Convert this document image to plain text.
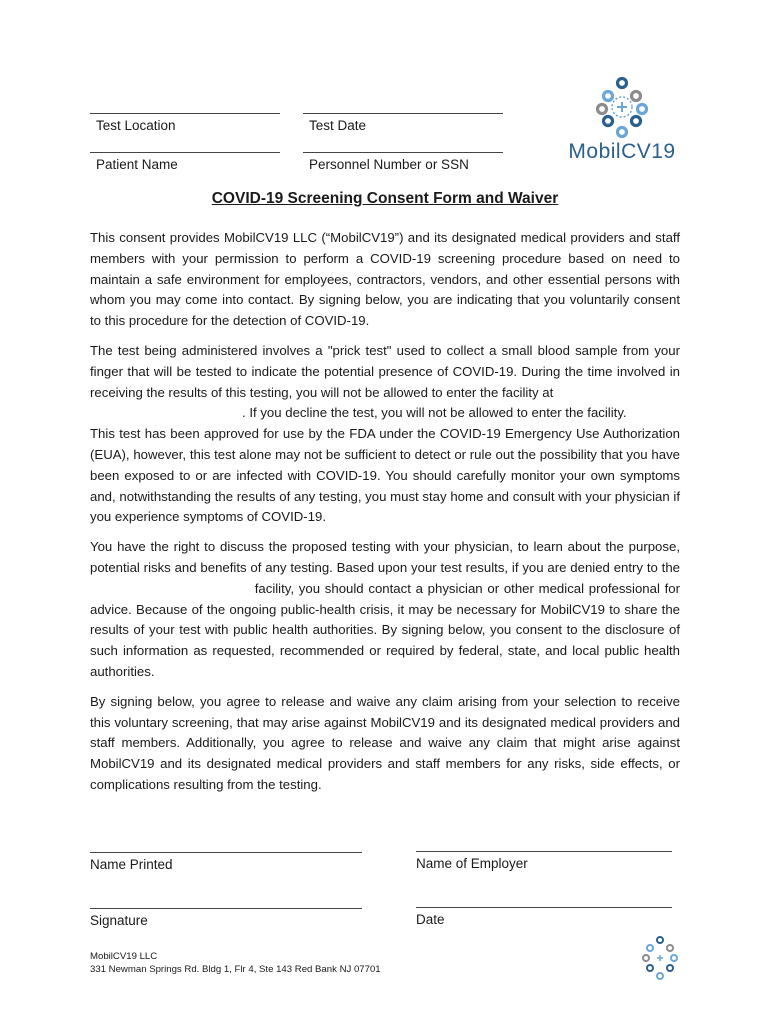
Test Location	Test Date
Patient Name	Personnel Number or SSN
MobilCV19
COVID-19 Screening Consent Form and Waiver

This consent provides MobilCV19 LLC (“MobilCV19”) and its designated medical providers and staff members with your permission to perform a COVID-19 screening procedure based on need to maintain a safe environment for employees, contractors, vendors, and other essential persons with whom you may come into contact. By signing below, you are indicating that you voluntarily consent to this procedure for the detection of COVID-19.

The test being administered involves a "prick test" used to collect a small blood sample from your finger that will be tested to indicate the potential presence of COVID-19. During the time involved in receiving the results of this testing, you will not be allowed to enter the facility at
. If you decline the test, you will not be allowed to enter the facility.

This test has been approved for use by the FDA under the COVID-19 Emergency Use Authorization (EUA), however, this test alone may not be sufficient to detect or rule out the possibility that you have been exposed to or are infected with COVID-19. You should carefully monitor your own symptoms and, notwithstanding the results of any testing, you must stay home and consult with your physician if you experience symptoms of COVID-19.

You have the right to discuss the proposed testing with your physician, to learn about the purpose, potential risks and benefits of any testing. Based upon your test results, if you are denied entry to the  facility, you should contact a physician or other medical professional for advice. Because of the ongoing public-health crisis, it may be necessary for MobilCV19 to share the results of your test with public health authorities. By signing below, you consent to the disclosure of such information as requested, recommended or required by federal, state, and local public health authorities.

By signing below, you agree to release and waive any claim arising from your selection to receive this voluntary screening, that may arise against MobilCV19 and its designated medical providers and staff members. Additionally, you agree to release and waive any claim that might arise against MobilCV19 and its designated medical providers and staff members for any risks, side effects, or complications resulting from the testing.

Name Printed	Name of Employer
Signature	Date
MobilCV19 LLC
331 Newman Springs Rd. Bldg 1, Flr 4, Ste 143 Red Bank NJ 07701
